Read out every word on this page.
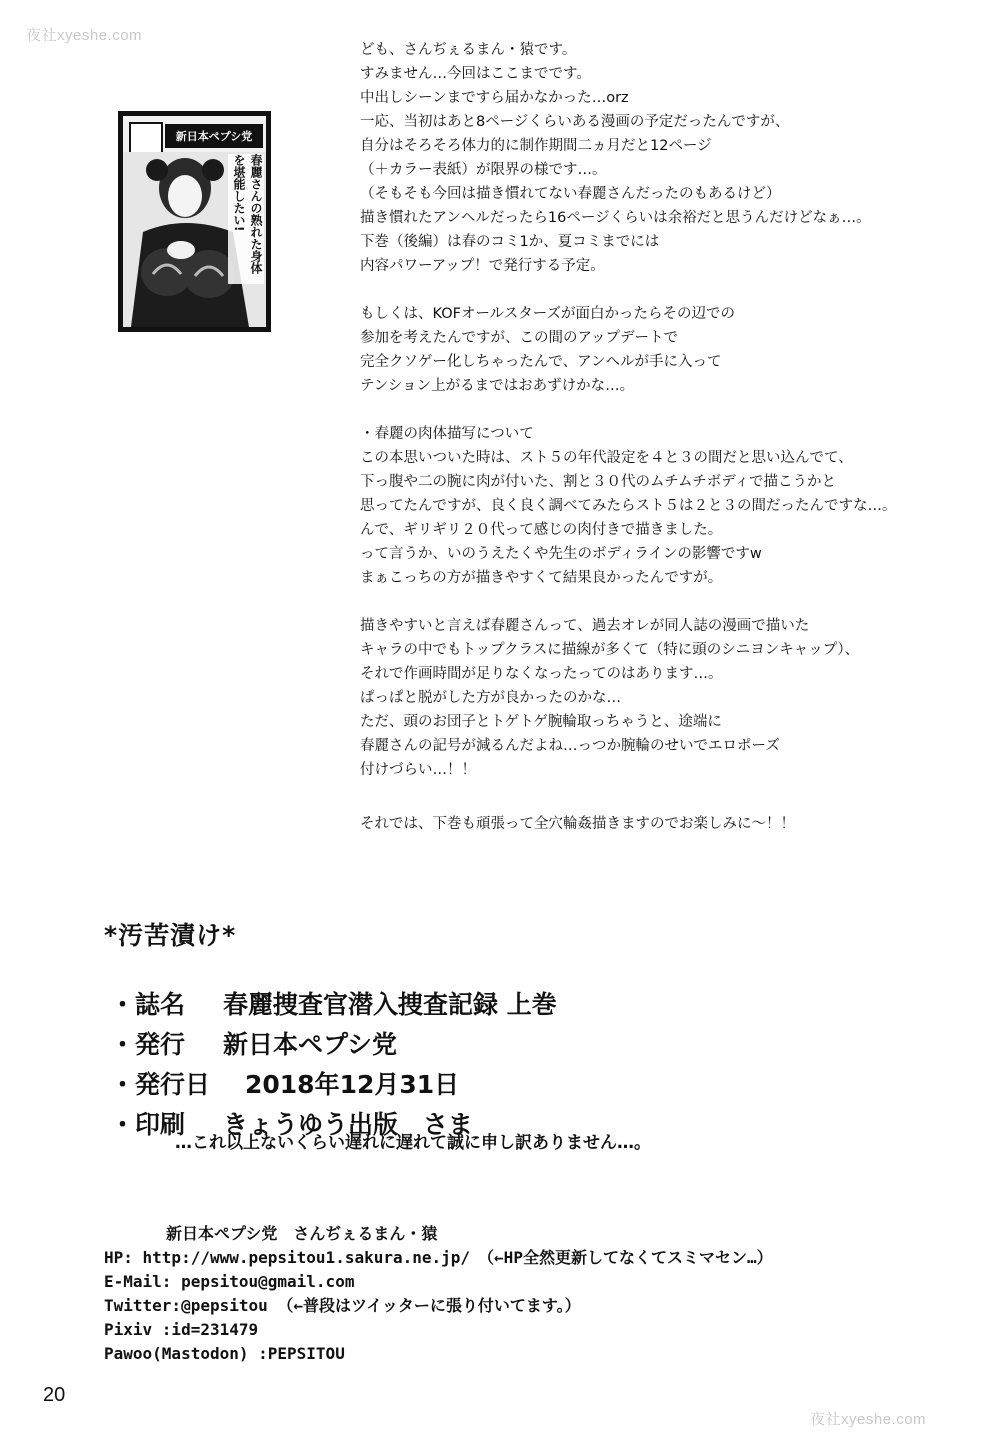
夜社xyeshe.com
新日本ペプシ党
春麗さんの熟れた身体を堪能したい!
ども、さんぢぇるまん・猿です。
すみません…今回はここまでです。
中出しシーンまですら届かなかった…orz
一応、当初はあと8ページくらいある漫画の予定だったんですが、
自分はそろそろ体力的に制作期間二ヵ月だと12ページ
（＋カラー表紙）が限界の様です…。
（そもそも今回は描き慣れてない春麗さんだったのもあるけど）
描き慣れたアンヘルだったら16ページくらいは余裕だと思うんだけどなぁ…。
下巻（後編）は春のコミ1か、夏コミまでには
内容パワーアップ！で発行する予定。
もしくは、KOFオールスターズが面白かったらその辺での
参加を考えたんですが、この間のアップデートで
完全クソゲー化しちゃったんで、アンヘルが手に入って
テンション上がるまではおあずけかな…。
・春麗の肉体描写について
この本思いついた時は、スト５の年代設定を４と３の間だと思い込んでて、
下っ腹や二の腕に肉が付いた、割と３０代のムチムチボディで描こうかと
思ってたんですが、良く良く調べてみたらスト５は２と３の間だったんですな…。
んで、ギリギリ２０代って感じの肉付きで描きました。
って言うか、いのうえたくや先生のボディラインの影響ですw
まぁこっちの方が描きやすくて結果良かったんですが。
描きやすいと言えば春麗さんって、過去オレが同人誌の漫画で描いた
キャラの中でもトップクラスに描線が多くて（特に頭のシニヨンキャップ）、
それで作画時間が足りなくなったってのはあります…。
ぱっぱと脱がした方が良かったのかな…
ただ、頭のお団子とトゲトゲ腕輪取っちゃうと、途端に
春麗さんの記号が減るんだよね…っつか腕輪のせいでエロポーズ
付けづらい…！！
それでは、下巻も頑張って全穴輪姦描きますのでお楽しみに～！！
*汚苦漬け*
・誌名	春麗捜査官潜入捜査記録 上巻
・発行	新日本ペプシ党
・発行日 2018年12月31日
・印刷	きょうゆう出版　さま
…これ以上ないくらい遅れに遅れて誠に申し訳ありません…。
新日本ペプシ党　さんぢぇるまん・猿
HP: http://www.pepsitou1.sakura.ne.jp/　（←HP全然更新してなくてスミマセン…）
E-Mail: pepsitou@gmail.com
Twitter:@pepsitou （←普段はツイッターに張り付いてます。）
Pixiv :id=231479
Pawoo(Mastodon) :PEPSITOU
20
夜社xyeshe.com
